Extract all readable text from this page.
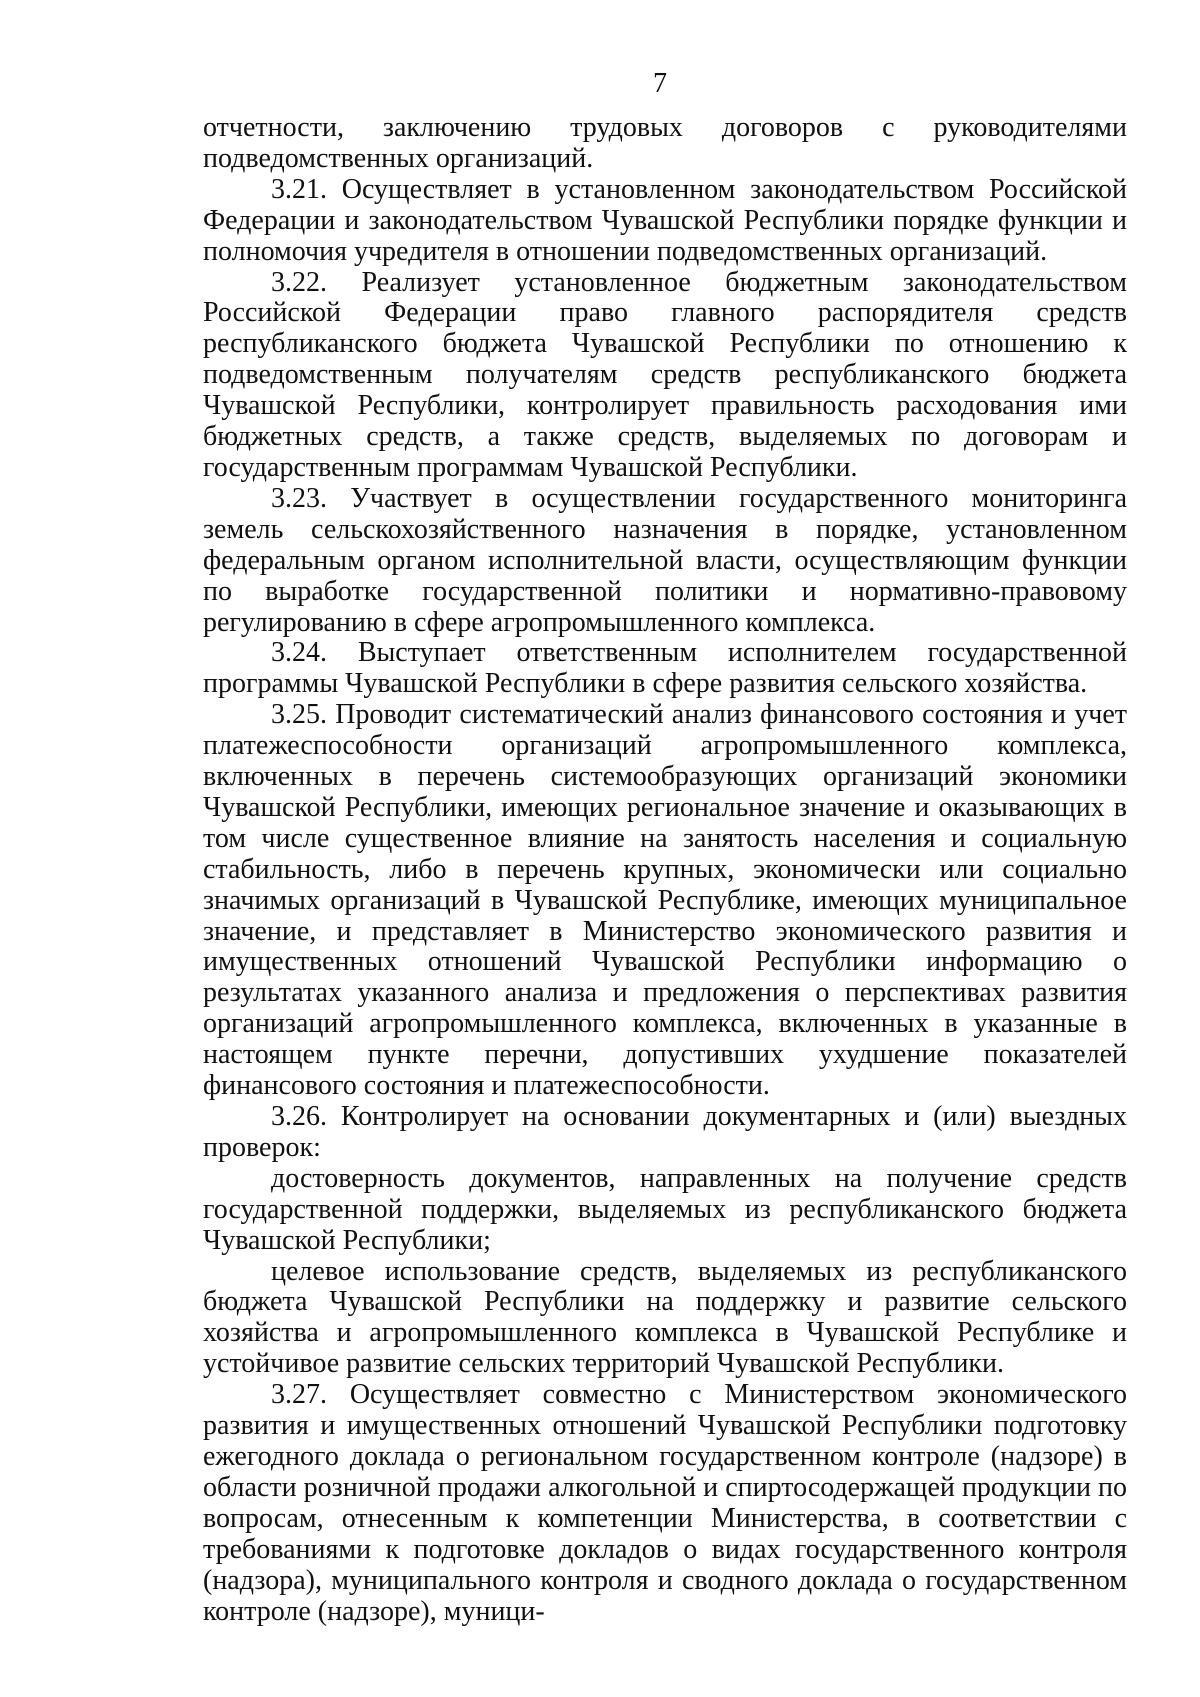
7

отчетности, заключению трудовых договоров с руководителями подведомственных организаций.

3.21. Осуществляет в установленном законодательством Российской Федерации и законодательством Чувашской Республики порядке функции и полномочия учредителя в отношении подведомственных организаций.

3.22. Реализует установленное бюджетным законодательством Российской Федерации право главного распорядителя средств республиканского бюджета Чувашской Республики по отношению к подведомственным получателям средств республиканского бюджета Чувашской Республики, контролирует правильность расходования ими бюджетных средств, а также средств, выделяемых по договорам и государственным программам Чувашской Республики.

3.23. Участвует в осуществлении государственного мониторинга земель сельскохозяйственного назначения в порядке, установленном федеральным органом исполнительной власти, осуществляющим функции по выработке государственной политики и нормативно-правовому регулированию в сфере агропромышленного комплекса.

3.24. Выступает ответственным исполнителем государственной программы Чувашской Республики в сфере развития сельского хозяйства.

3.25. Проводит систематический анализ финансового состояния и учет платежеспособности организаций агропромышленного комплекса, включенных в перечень системообразующих организаций экономики Чувашской Республики, имеющих региональное значение и оказывающих в том числе существенное влияние на занятость населения и социальную стабильность, либо в перечень крупных, экономически или социально значимых организаций в Чувашской Республике, имеющих муниципальное значение, и представляет в Министерство экономического развития и имущественных отношений Чувашской Республики информацию о результатах указанного анализа и предложения о перспективах развития организаций агропромышленного комплекса, включенных в указанные в настоящем пункте перечни, допустивших ухудшение показателей финансового состояния и платежеспособности.

3.26. Контролирует на основании документарных и (или) выездных проверок:

достоверность документов, направленных на получение средств государственной поддержки, выделяемых из республиканского бюджета Чувашской Республики;

целевое использование средств, выделяемых из республиканского бюджета Чувашской Республики на поддержку и развитие сельского хозяйства и агропромышленного комплекса в Чувашской Республике и устойчивое развитие сельских территорий Чувашской Республики.

3.27. Осуществляет совместно с Министерством экономического развития и имущественных отношений Чувашской Республики подготовку ежегодного доклада о региональном государственном контроле (надзоре) в области розничной продажи алкогольной и спиртосодержащей продукции по вопросам, отнесенным к компетенции Министерства, в соответствии с требованиями к подготовке докладов о видах государственного контроля (надзора), муниципального контроля и сводного доклада о государственном контроле (надзоре), муници-
